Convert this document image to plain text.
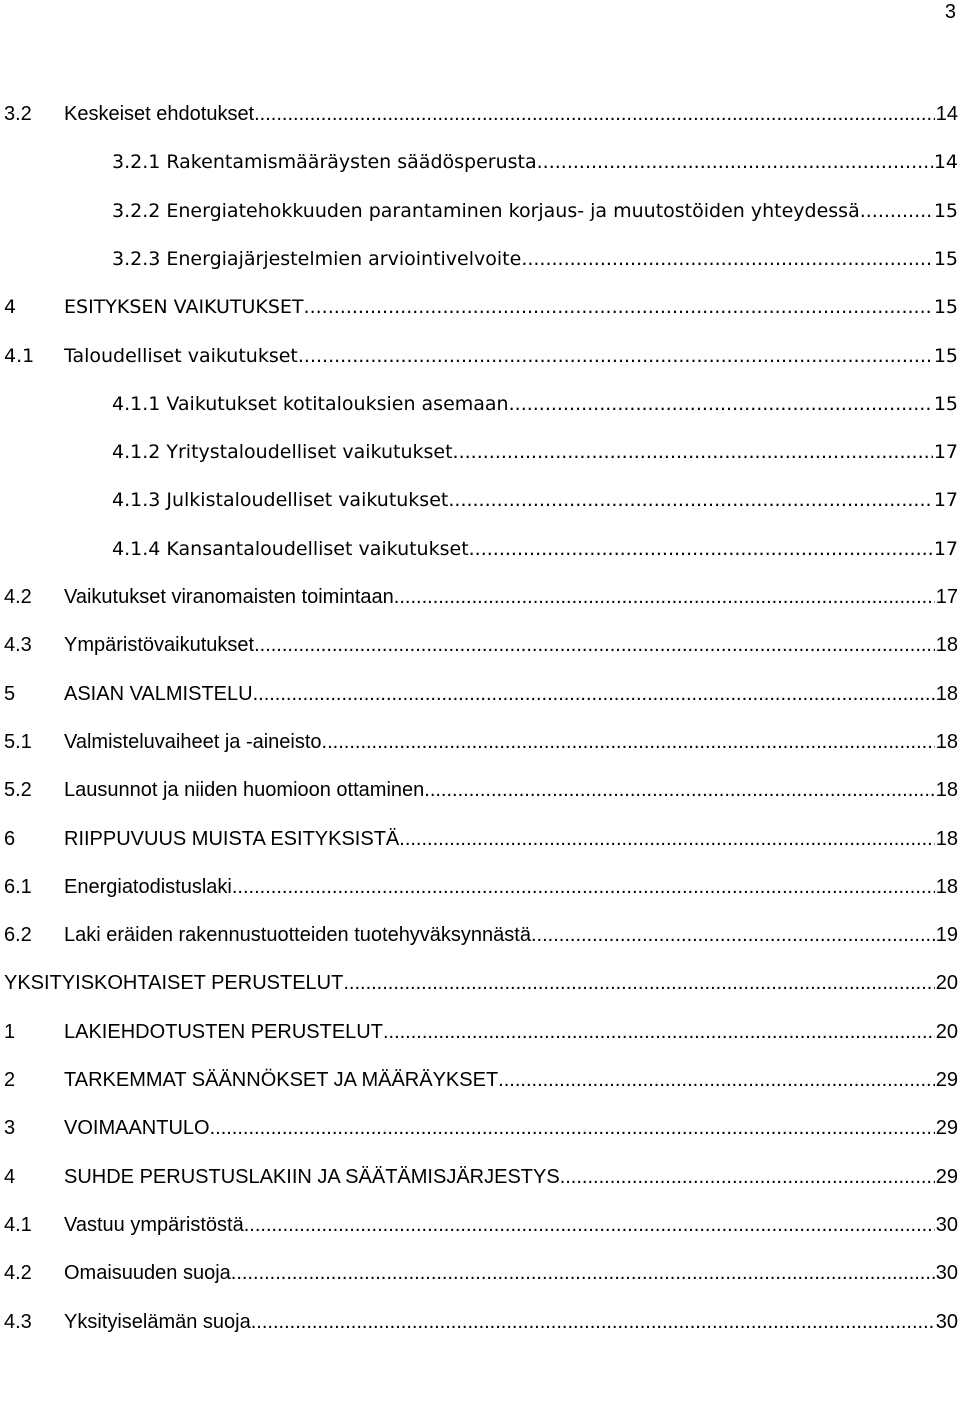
3
3.2 Keskeiset ehdotukset .....	14
3.2.1 Rakentamismääräysten säädösperusta .....	14
3.2.2 Energiatehokkuuden parantaminen korjaus- ja muutostöiden yhteydessä .....	15
3.2.3 Energiajärjestelmien arviointivelvoite .....	15
4	ESITYKSEN VAIKUTUKSET .....	15
4.1 Taloudelliset vaikutukset .....	15
4.1.1 Vaikutukset kotitalouksien asemaan .....	15
4.1.2 Yritystaloudelliset vaikutukset .....	17
4.1.3 Julkistaloudelliset vaikutukset .....	17
4.1.4 Kansantaloudelliset vaikutukset .....	17
4.2 Vaikutukset viranomaisten toimintaan .....	17
4.3 Ympäristövaikutukset .....	18
5 ASIAN VALMISTELU .....	18
5.1 Valmisteluvaiheet ja -aineisto .....	18
5.2 Lausunnot ja niiden huomioon ottaminen .....	18
6 RIIPPUVUUS MUISTA ESITYKSISTÄ .....	18
6.1 Energiatodistuslaki .....	18
6.2 Laki eräiden rakennustuotteiden tuotehyväksynnästä .....	19
YKSITYISKOHTAISET PERUSTELUT .....	20
1 LAKIEHDOTUSTEN PERUSTELUT .....	20
2 TARKEMMAT SÄÄNNÖKSET JA MÄÄRÄYKSET .....	29
3 VOIMAANTULO .....	29
4 SUHDE PERUSTUSLAKIIN JA SÄÄTÄMISJÄRJESTYS .....	29
4.1 Vastuu ympäristöstä .....	30
4.2 Omaisuuden suoja .....	30
4.3 Yksityiselämän suoja .....	30
